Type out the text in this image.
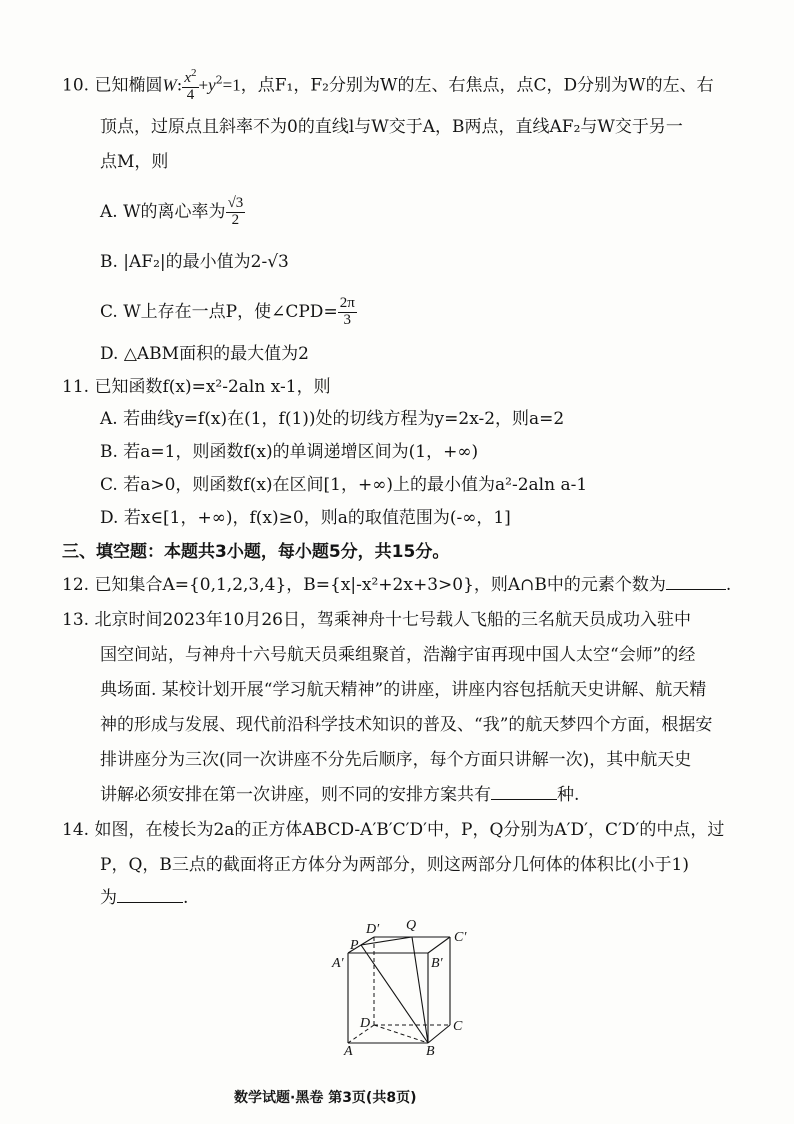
10. 已知椭圆W: $\frac{x^2}{4} +y^2=1$，点F₁，F₂分别为W的左、右焦点，点C，D分别为W的左、右
顶点，过原点且斜率不为0的直线l与W交于A，B两点，直线AF₂与W交于另一
点M，则
A. W的离心率为 $\frac{√3}{2}$
B. |AF₂|的最小值为2-√3
C. W上存在一点P，使∠CPD= $\frac{2\pi}{3}$
D. △ABM面积的最大值为2
11. 已知函数f(x)=x²-2aln x-1，则
A. 若曲线y=f(x)在(1，f(1))处的切线方程为y=2x-2，则a=2
B. 若a=1，则函数f(x)的单调递增区间为(1，+∞)
C. 若a>0，则函数f(x)在区间[1，+∞)上的最小值为a²-2aln a-1
D. 若x∈[1，+∞)，f(x)≥0，则a的取值范围为(-∞，1]
三、填空题：本题共3小题，每小题5分，共15分。
12. 已知集合A={0,1,2,3,4}，B={x|-x²+2x+3>0}，则A∩B中的元素个数为	.
13. 北京时间2023年10月26日，驾乘神舟十七号载人飞船的三名航天员成功入驻中
国空间站，与神舟十六号航天员乘组聚首，浩瀚宇宙再现中国人太空“会师”的经
典场面. 某校计划开展“学习航天精神”的讲座，讲座内容包括航天史讲解、航天精
神的形成与发展、现代前沿科学技术知识的普及、“我”的航天梦四个方面，根据安
排讲座分为三次(同一次讲座不分先后顺序，每个方面只讲解一次)，其中航天史
讲解必须安排在第一次讲座，则不同的安排方案共有	种.
14. 如图，在棱长为2a的正方体ABCD-A′B′C′D′中，P，Q分别为A′D′，C′D′的中点，过
P，Q，B三点的截面将正方体分为两部分，则这两部分几何体的体积比(小于1)
为	.
D′ Q
C′
P
A′	B′
D	C
A	B
数学试题·黑卷 第3页(共8页)
